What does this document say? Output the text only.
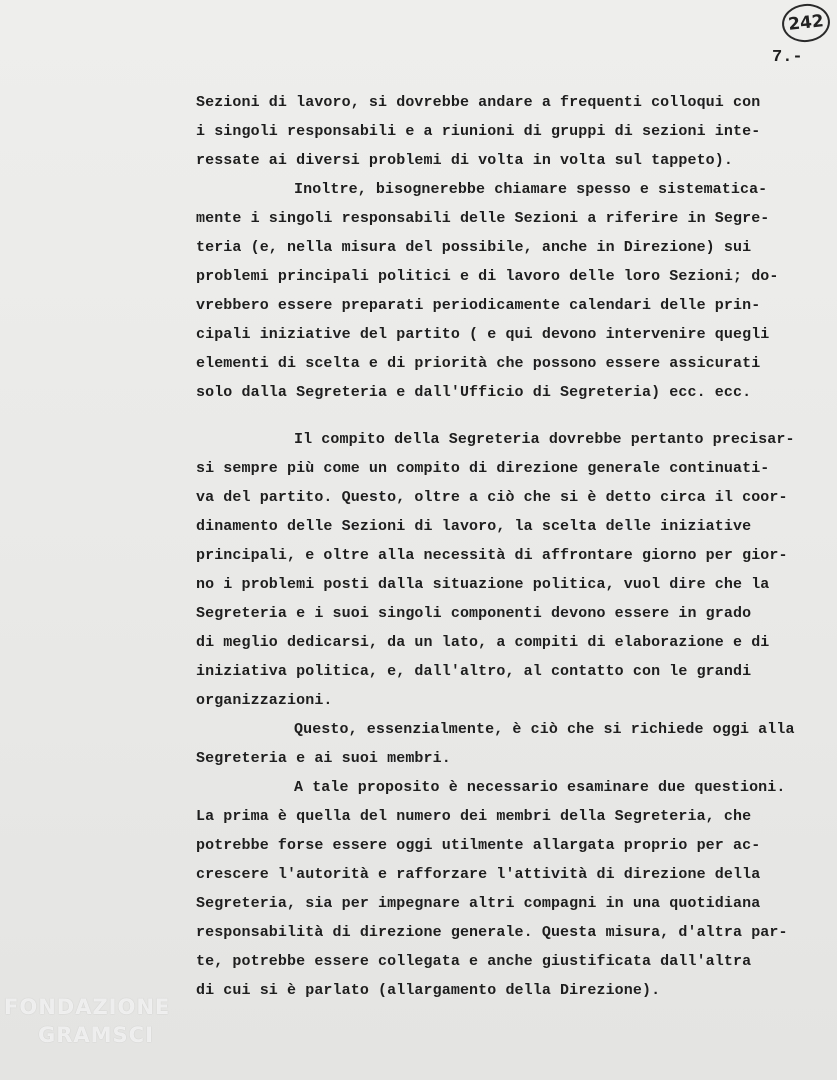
242
7.-
Sezioni di lavoro, si dovrebbe andare a frequenti colloqui con
i singoli responsabili e a riunioni di gruppi di sezioni inte-
ressate ai diversi problemi di volta in volta sul tappeto).
Inoltre, bisognerebbe chiamare spesso e sistematica-
mente i singoli responsabili delle Sezioni a riferire in Segre-
teria (e, nella misura del possibile, anche in Direzione) sui
problemi principali politici e di lavoro delle loro Sezioni; do-
vrebbero essere preparati periodicamente calendari delle prin-
cipali iniziative del partito ( e qui devono intervenire quegli
elementi di scelta e di priorità che possono essere assicurati
solo dalla Segreteria e dall'Ufficio di Segreteria) ecc. ecc.
Il compito della Segreteria dovrebbe pertanto precisar-
si sempre più come un compito di direzione generale continuati-
va del partito. Questo, oltre a ciò che si è detto circa il coor-
dinamento delle Sezioni di lavoro, la scelta delle iniziative
principali, e oltre alla necessità di affrontare giorno per gior-
no i problemi posti dalla situazione politica, vuol dire che la
Segreteria e i suoi singoli componenti devono essere in grado
di meglio dedicarsi, da un lato, a compiti di elaborazione e di
iniziativa politica, e, dall'altro, al contatto con le grandi
organizzazioni.
Questo, essenzialmente, è ciò che si richiede oggi alla
Segreteria e ai suoi membri.
A tale proposito è necessario esaminare due questioni.
La prima è quella del numero dei membri della Segreteria, che
potrebbe forse essere oggi utilmente allargata proprio per ac-
crescere l'autorità e rafforzare l'attività di direzione della
Segreteria, sia per impegnare altri compagni in una quotidiana
responsabilità di direzione generale. Questa misura, d'altra par-
te, potrebbe essere collegata e anche giustificata dall'altra
di cui si è parlato (allargamento della Direzione).
FONDAZIONE
GRAMSCI
